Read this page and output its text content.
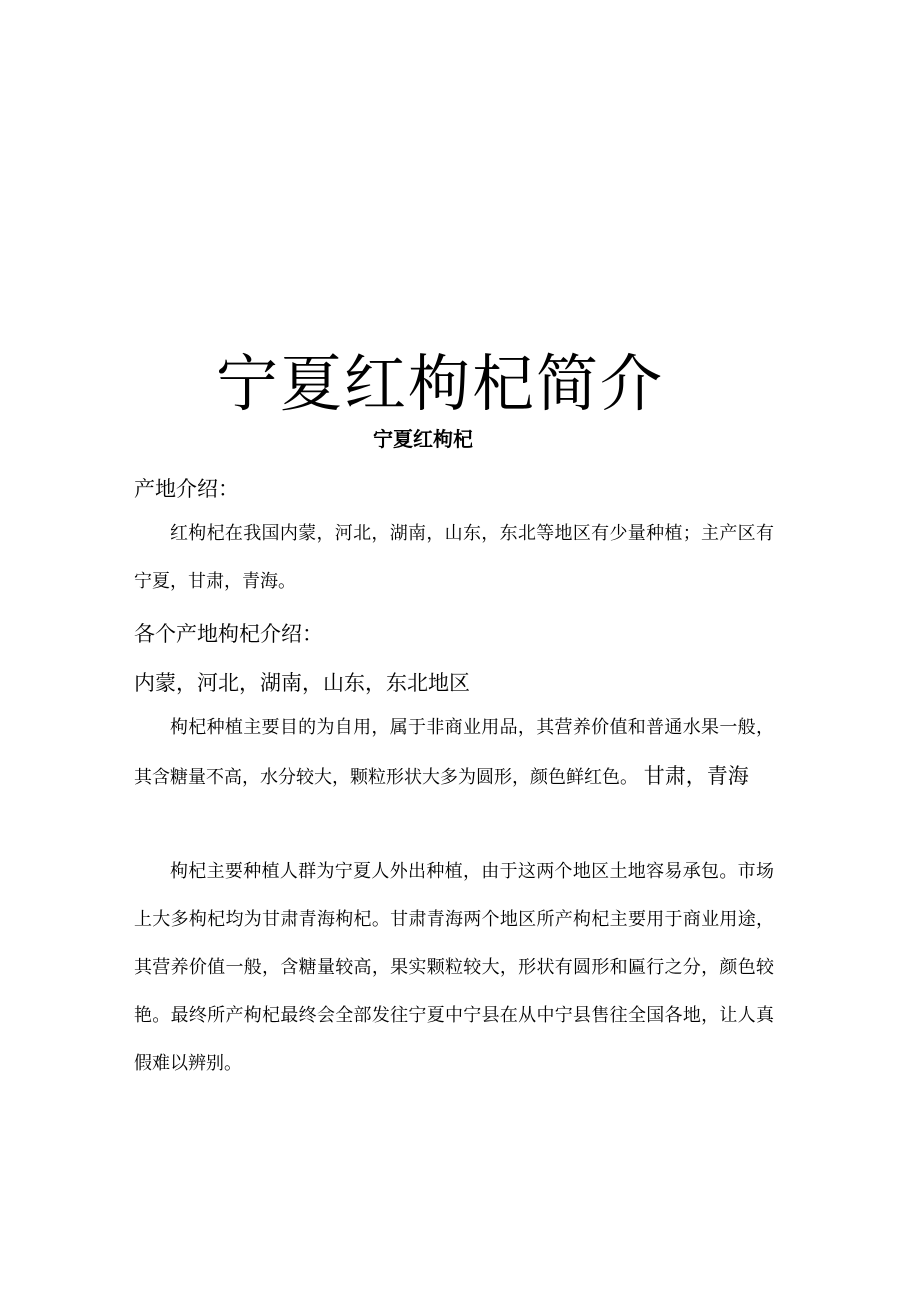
宁夏红枸杞简介
宁夏红枸杞
产地介绍：

红枸杞在我国内蒙，河北，湖南，山东，东北等地区有少量种植；主产区有宁夏，甘肃，青海。

各个产地枸杞介绍：
内蒙，河北，湖南，山东，东北地区

枸杞种植主要目的为自用，属于非商业用品，其营养价值和普通水果一般，其含糖量不高，水分较大，颗粒形状大多为圆形，颜色鲜红色。 甘肃，青海

枸杞主要种植人群为宁夏人外出种植，由于这两个地区土地容易承包。市场上大多枸杞均为甘肃青海枸杞。甘肃青海两个地区所产枸杞主要用于商业用途，其营养价值一般，含糖量较高，果实颗粒较大，形状有圆形和匾行之分，颜色较艳。最终所产枸杞最终会全部发往宁夏中宁县在从中宁县售往全国各地，让人真假难以辨别。
